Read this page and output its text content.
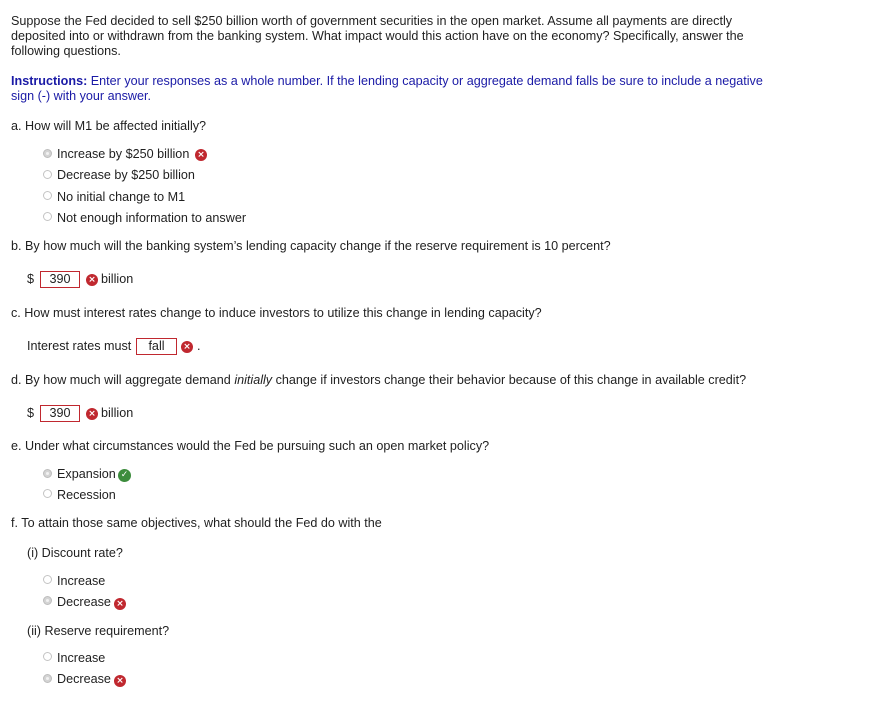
Suppose the Fed decided to sell $250 billion worth of government securities in the open market. Assume all payments are directly deposited into or withdrawn from the banking system. What impact would this action have on the economy? Specifically, answer the following questions.
Instructions: Enter your responses as a whole number. If the lending capacity or aggregate demand falls be sure to include a negative sign (-) with your answer.
a. How will M1 be affected initially?
Increase by $250 billion ×
Decrease by $250 billion
No initial change to M1
Not enough information to answer
b. By how much will the banking system’s lending capacity change if the reserve requirement is 10 percent?
$	390	× billion
c. How must interest rates change to induce investors to utilize this change in lending capacity?
Interest rates must	fall	× .
d. By how much will aggregate demand initially change if investors change their behavior because of this change in available credit?
$	390	× billion
e. Under what circumstances would the Fed be pursuing such an open market policy?
Expansion ✓
Recession
f. To attain those same objectives, what should the Fed do with the
(i) Discount rate?
Increase
Decrease ×
(ii) Reserve requirement?
Increase
Decrease ×
